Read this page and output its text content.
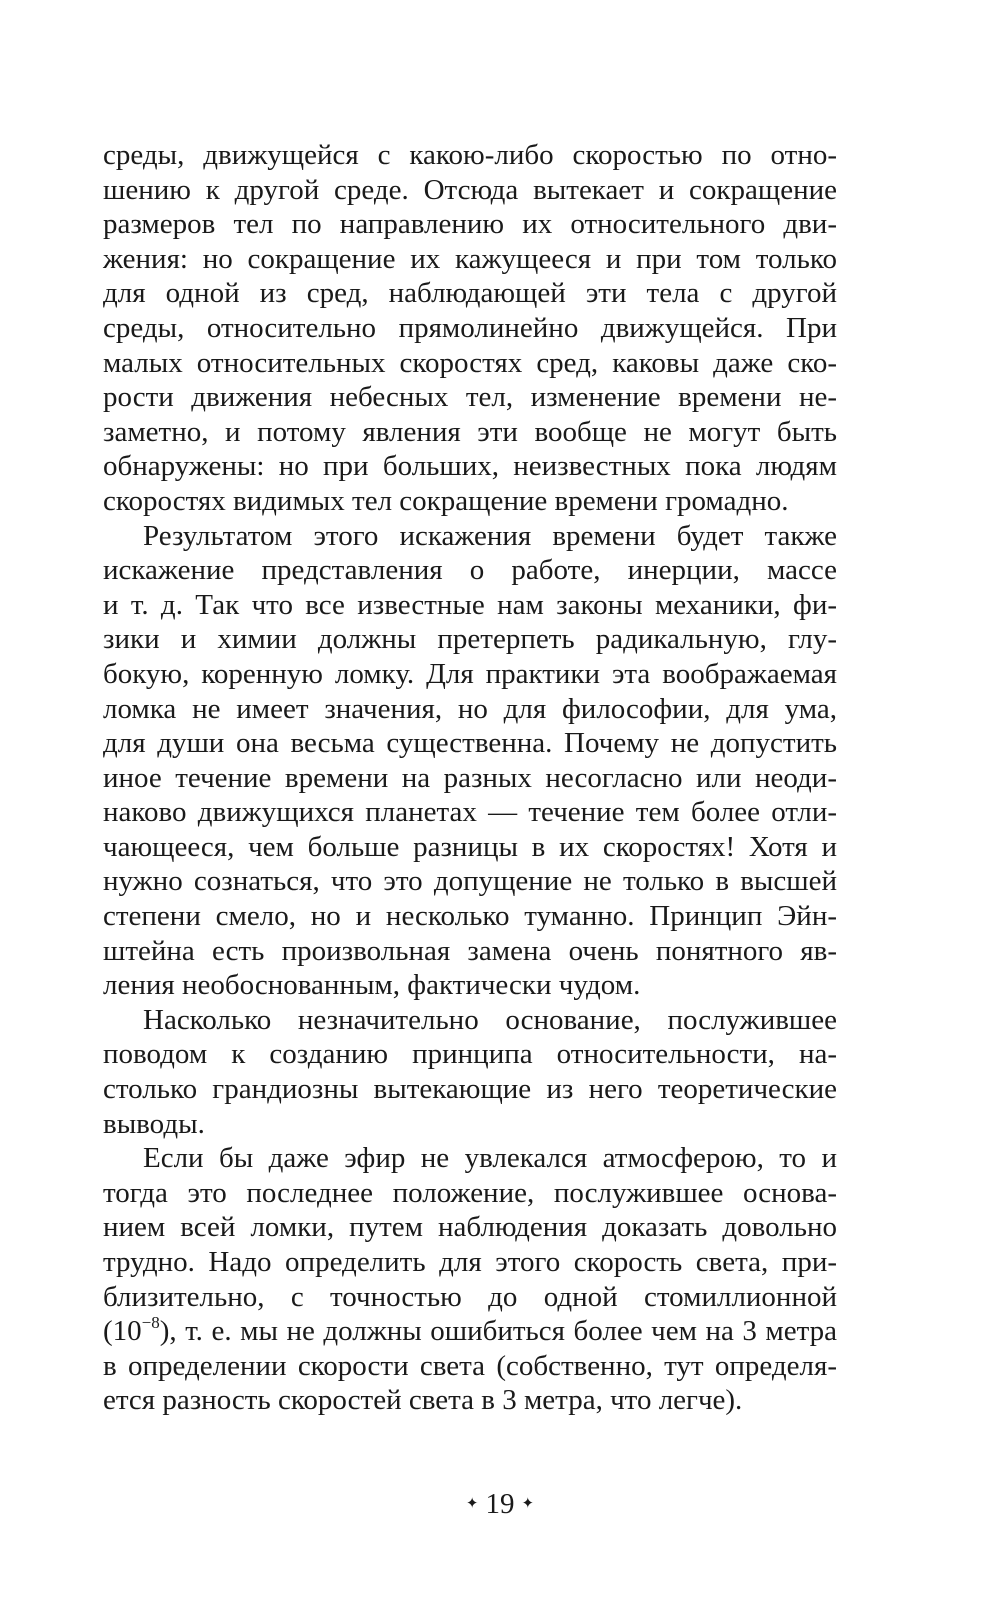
среды, движущейся с какою-либо скоростью по отно-
шению к другой среде. Отсюда вытекает и сокращение
размеров тел по направлению их относительного дви-
жения: но сокращение их кажущееся и при том только
для одной из сред, наблюдающей эти тела с другой
среды, относительно прямолинейно движущейся. При
малых относительных скоростях сред, каковы даже ско-
рости движения небесных тел, изменение времени не-
заметно, и потому явления эти вообще не могут быть
обнаружены: но при больших, неизвестных пока людям
скоростях видимых тел сокращение времени громадно.
Результатом этого искажения времени будет также
искажение представления о работе, инерции, массе
и т. д. Так что все известные нам законы механики, фи-
зики и химии должны претерпеть радикальную, глу-
бокую, коренную ломку. Для практики эта воображаемая
ломка не имеет значения, но для философии, для ума,
для души она весьма существенна. Почему не допустить
иное течение времени на разных несогласно или неоди-
наково движущихся планетах — течение тем более отли-
чающееся, чем больше разницы в их скоростях! Хотя и
нужно сознаться, что это допущение не только в высшей
степени смело, но и несколько туманно. Принцип Эйн-
штейна есть произвольная замена очень понятного яв-
ления необоснованным, фактически чудом.
Насколько незначительно основание, послужившее
поводом к созданию принципа относительности, на-
столько грандиозны вытекающие из него теоретические
выводы.
Если бы даже эфир не увлекался атмосферою, то и
тогда это последнее положение, послужившее основа-
нием всей ломки, путем наблюдения доказать довольно
трудно. Надо определить для этого скорость света, при-
близительно, с точностью до одной стомиллионной
$(10^{-8})$, т. е. мы не должны ошибиться более чем на 3 метра
в определении скорости света (собственно, тут определя-
ется разность скоростей света в 3 метра, что легче).
✦ 19 ✦
